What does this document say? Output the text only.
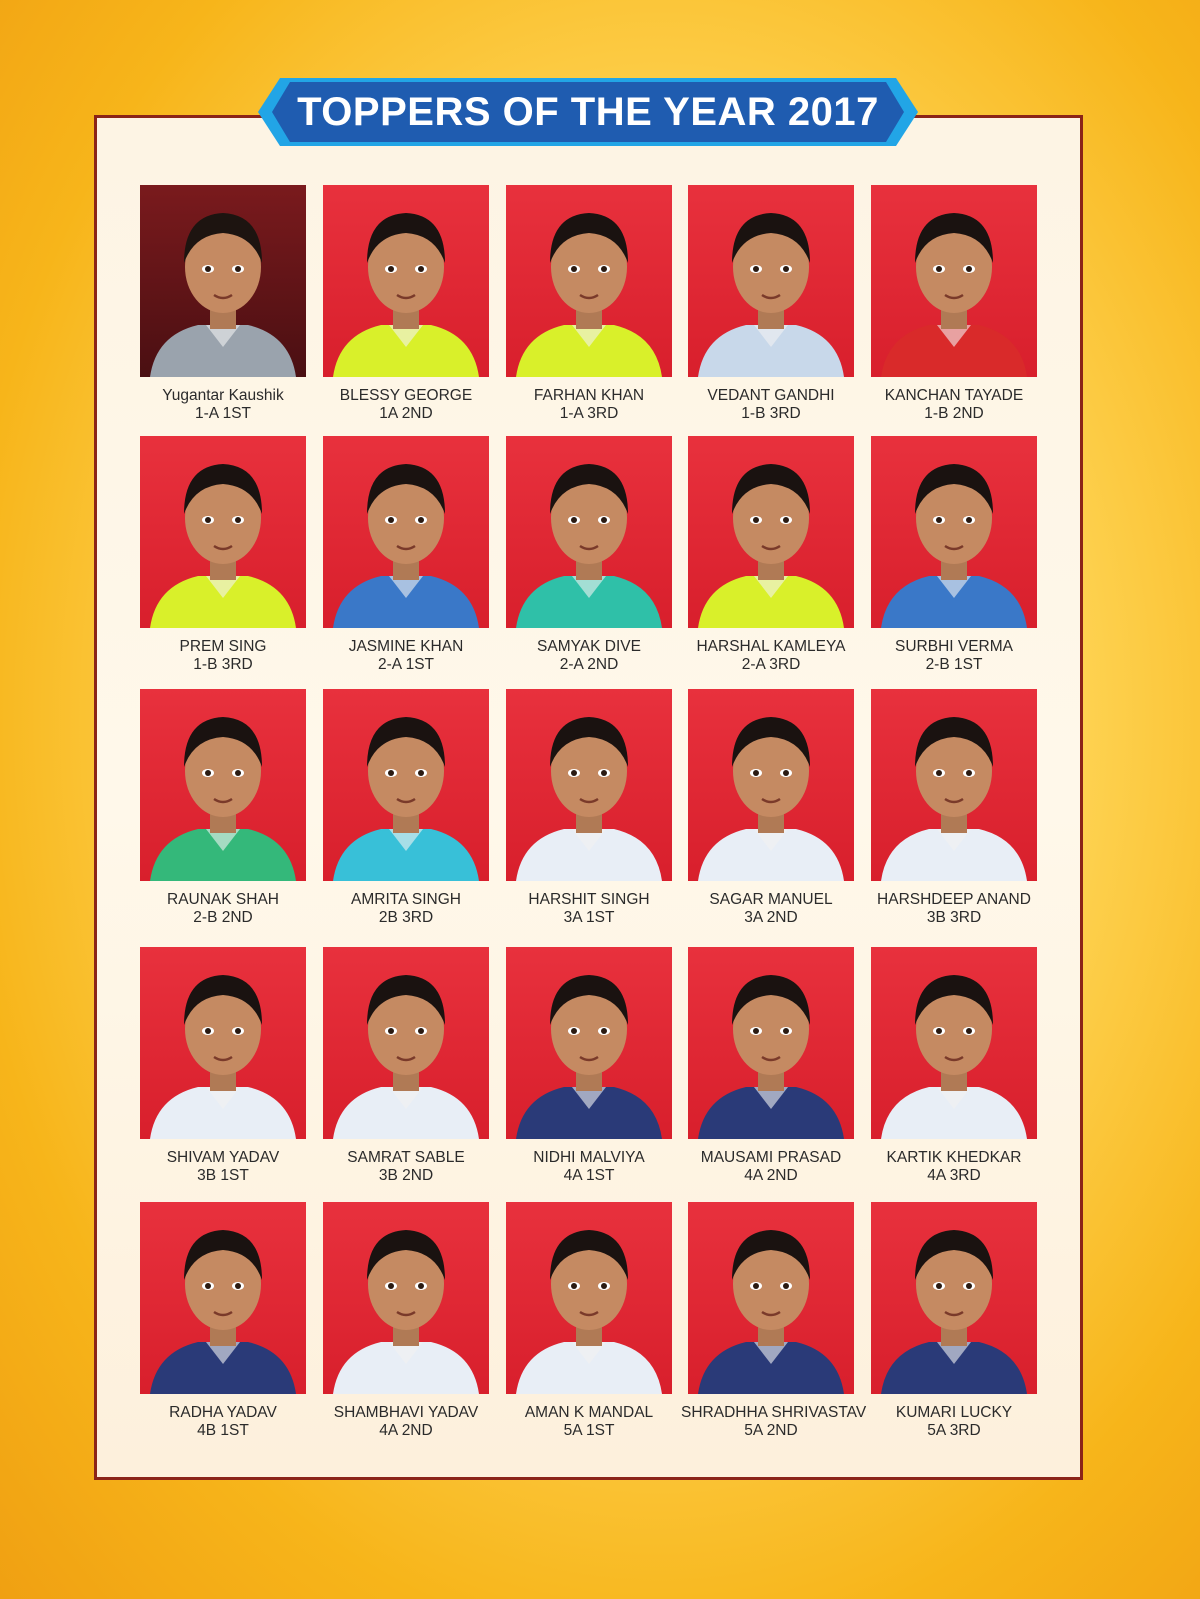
TOPPERS OF THE YEAR 2017
Yugantar Kaushik
1-A 1ST
BLESSY GEORGE
1A 2ND
FARHAN KHAN
1-A 3RD
VEDANT GANDHI
1-B 3RD
KANCHAN TAYADE
1-B 2ND
PREM SING
1-B 3RD
JASMINE KHAN
2-A 1ST
SAMYAK DIVE
2-A 2ND
HARSHAL KAMLEYA
2-A 3RD
SURBHI VERMA
2-B 1ST
RAUNAK SHAH
2-B 2ND
AMRITA SINGH
2B 3RD
HARSHIT SINGH
3A 1ST
SAGAR MANUEL
3A 2ND
HARSHDEEP ANAND
3B 3RD
SHIVAM YADAV
3B 1ST
SAMRAT SABLE
3B 2ND
NIDHI MALVIYA
4A 1ST
MAUSAMI PRASAD
4A 2ND
KARTIK KHEDKAR
4A 3RD
RADHA YADAV
4B 1ST
SHAMBHAVI YADAV
4A 2ND
AMAN K MANDAL
5A 1ST
SHRADHHA SHRIVASTAV
5A 2ND
KUMARI LUCKY
5A 3RD
